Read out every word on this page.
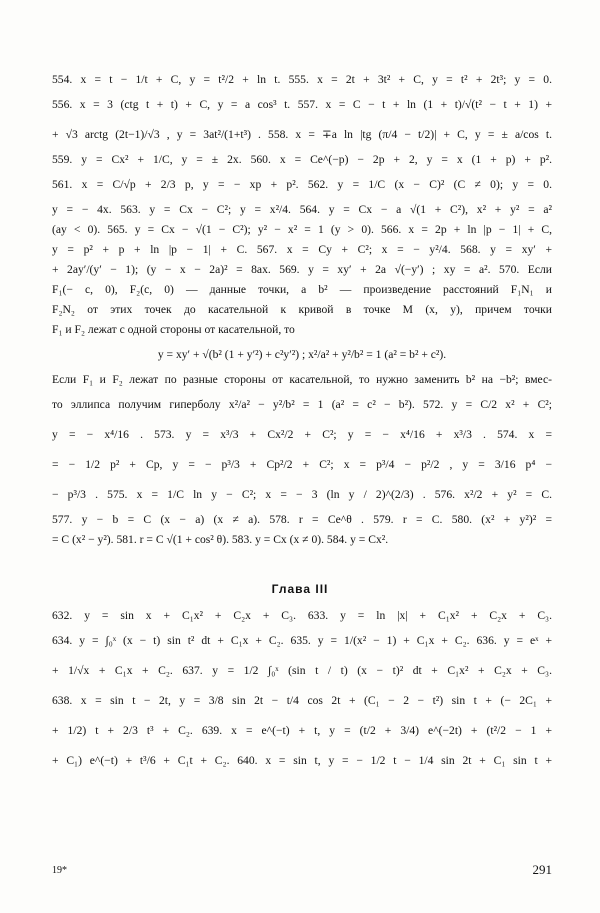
554. x = t − 1/t + C, y = t²/2 + ln t. 555. x = 2t + 3t² + C, y = t² + 2t³; y = 0.
556. x = 3 (ctg t + t) + C, y = a cos³ t. 557. x = C − t + ln (1 + t)/√(t² − t + 1) +
+ √3 arctg (2t−1)/√3 , y = 3at²/(1+t³) . 558. x = ∓a ln |tg (π/4 − t/2)| + C, y = ± a/cos t.
559. y = Cx² + 1/C, y = ± 2x. 560. x = Ce^(−p) − 2p + 2, y = x (1 + p) + p².
561. x = C/√p + 2/3 p, y = − xp + p². 562. y = 1/C (x − C)² (C ≠ 0); y = 0.
y = − 4x. 563. y = Cx − C²; y = x²/4. 564. y = Cx − a √(1 + C²), x² + y² = a²
(ay < 0). 565. y = Cx − √(1 − C²); y² − x² = 1 (y > 0). 566. x = 2p + ln |p − 1| + C,
y = p² + p + ln |p − 1| + C. 567. x = Cy + C²; x = − y²/4. 568. y = xy′ +
+ 2ay′/(y′ − 1); (y − x − 2a)² = 8ax. 569. y = xy′ + 2a √(−y′) ; xy = a². 570. Если
F₁(− c, 0), F₂(c, 0) — данные точки, a b² — произведение расстояний F₁N₁ и
F₂N₂ от этих точек до касательной к кривой в точке M (x, y), причем точки
F₁ и F₂ лежат с одной стороны от касательной, то
y = xy′ + √(b² (1 + y′²) + c²y′²) ; x²/a² + y²/b² = 1 (a² = b² + c²).
Если F₁ и F₂ лежат по разные стороны от касательной, то нужно заменить b² на −b²; вмес-
то эллипса получим гиперболу x²/a² − y²/b² = 1 (a² = c² − b²). 572. y = C/2 x² + C²;
y = − x⁴/16 . 573. y = x³/3 + Cx²/2 + C²; y = − x⁴/16 + x³/3 . 574. x =
= − 1/2 p² + Cp, y = − p³/3 + Cp²/2 + C²; x = p³/4 − p²/2 , y = 3/16 p⁴ −
− p³/3 . 575. x = 1/C ln y − C²; x = − 3 (ln y / 2)^(2/3) . 576. x²/2 + y² = C.
577. y − b = C (x − a) (x ≠ a). 578. r = Ce^θ . 579. r = C. 580. (x² + y²)² =
= C (x² − y²). 581. r = C √(1 + cos² θ). 583. y = Cx (x ≠ 0). 584. y = Cx².
Глава III
632. y = sin x + C₁x² + C₂x + C₃. 633. y = ln |x| + C₁x² + C₂x + C₃.
634. y = ∫₀ˣ (x − t) sin t² dt + C₁x + C₂. 635. y = 1/(x² − 1) + C₁x + C₂. 636. y = eˣ +
+ 1/√x + C₁x + C₂. 637. y = 1/2 ∫₀ˣ (sin t / t) (x − t)² dt + C₁x² + C₂x + C₃.
638. x = sin t − 2t, y = 3/8 sin 2t − t/4 cos 2t + (C₁ − 2 − t²) sin t + (− 2C₁ +
+ 1/2) t + 2/3 t³ + C₂. 639. x = e^(−t) + t, y = (t/2 + 3/4) e^(−2t) + (t²/2 − 1 +
+ C₁) e^(−t) + t³/6 + C₁t + C₂. 640. x = sin t, y = − 1/2 t − 1/4 sin 2t + C₁ sin t +
19*	291
